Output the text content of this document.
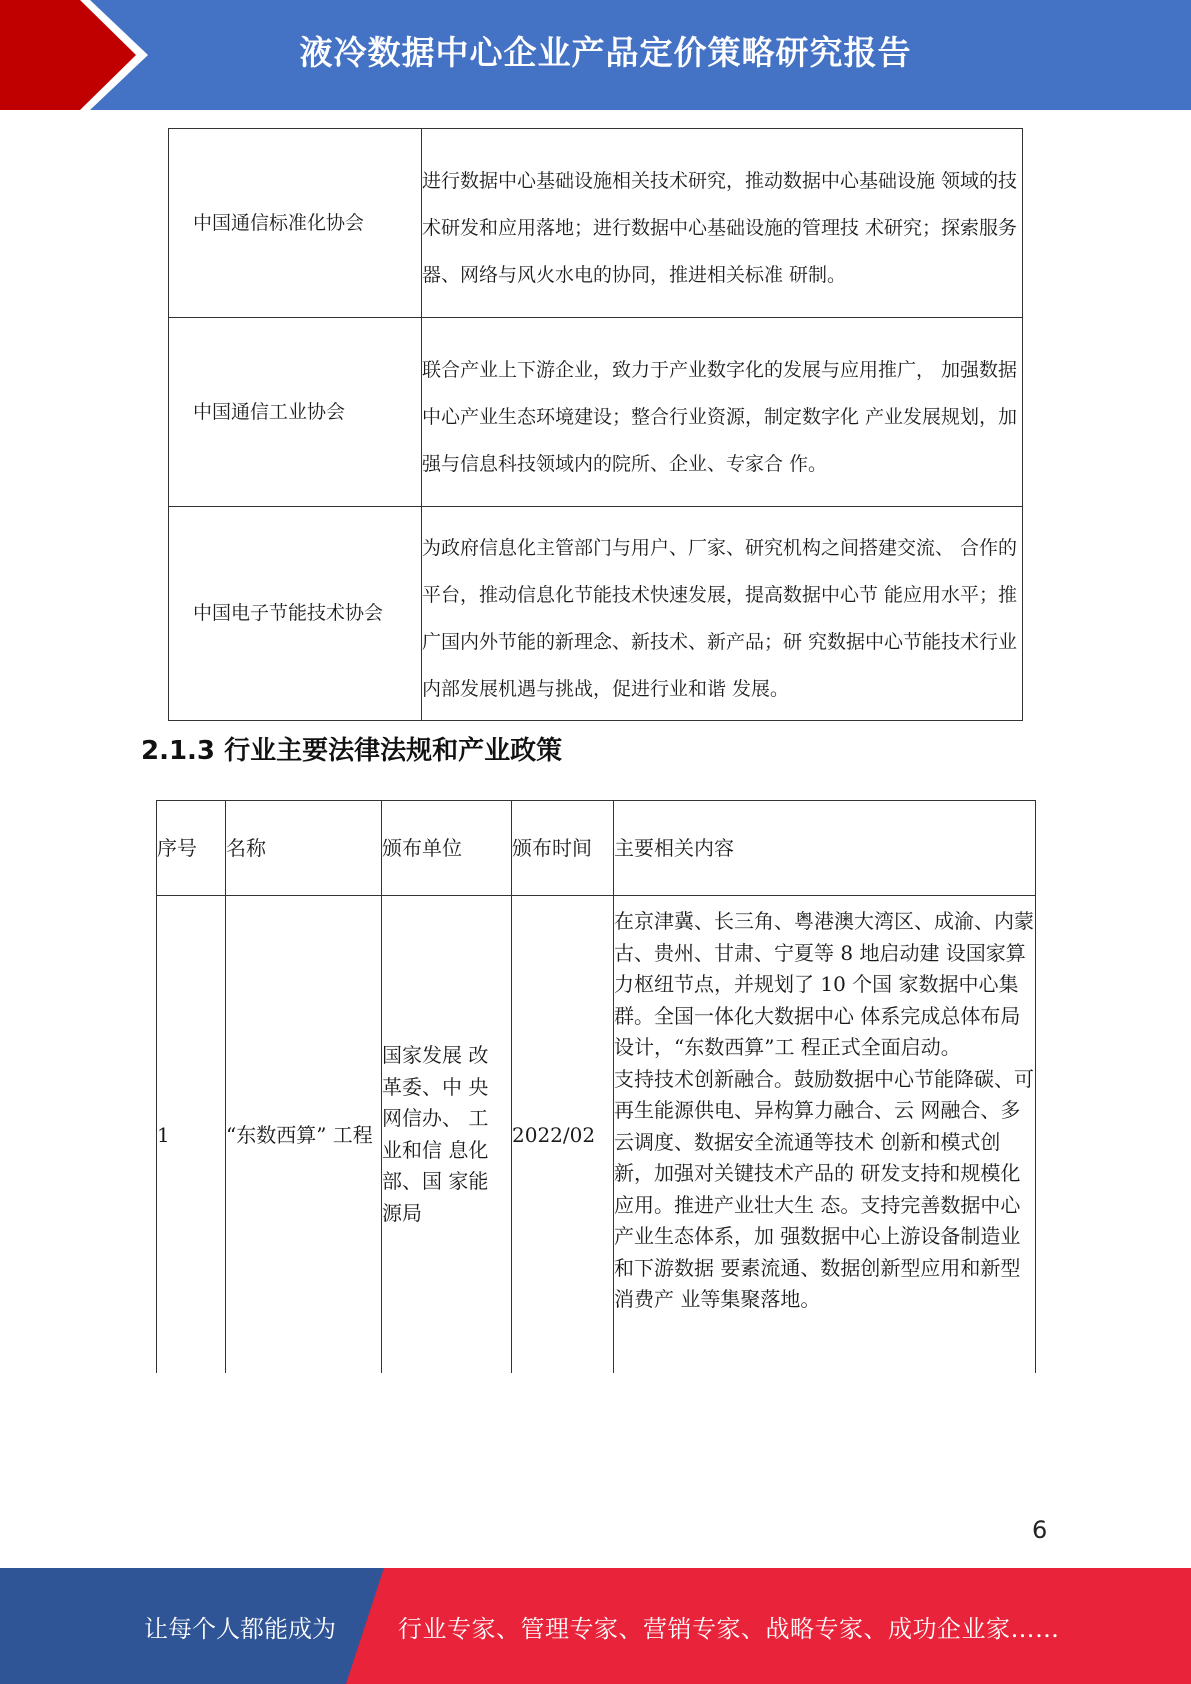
液冷数据中心企业产品定价策略研究报告
中国通信标准化协会	进行数据中心基础设施相关技术研究，推动数据中心基础设施 领域的技术研发和应用落地；进行数据中心基础设施的管理技 术研究；探索服务器、网络与风火水电的协同，推进相关标准 研制。
中国通信工业协会	联合产业上下游企业，致力于产业数字化的发展与应用推广， 加强数据中心产业生态环境建设；整合行业资源，制定数字化 产业发展规划，加强与信息科技领域内的院所、企业、专家合 作。
中国电子节能技术协会	为政府信息化主管部门与用户、厂家、研究机构之间搭建交流、 合作的平台，推动信息化节能技术快速发展，提高数据中心节 能应用水平；推广国内外节能的新理念、新技术、新产品；研 究数据中心节能技术行业内部发展机遇与挑战，促进行业和谐 发展。
2.1.3 行业主要法律法规和产业政策
序号	名称	颁布单位	颁布时间	主要相关内容
1	“东数西算” 工程	国家发展 改革委、中 央网信办、 工业和信 息化部、国 家能源局	2022/02	在京津冀、长三角、粤港澳大湾区、成渝、内蒙古、贵州、甘肃、宁夏等 8 地启动建 设国家算力枢纽节点，并规划了 10 个国 家数据中心集群。全国一体化大数据中心 体系完成总体布局设计，“东数西算”工 程正式全面启动。
支持技术创新融合。鼓励数据中心节能降碳、可再生能源供电、异构算力融合、云 网融合、多云调度、数据安全流通等技术 创新和模式创新，加强对关键技术产品的 研发支持和规模化应用。推进产业壮大生 态。支持完善数据中心产业生态体系，加 强数据中心上游设备制造业和下游数据 要素流通、数据创新型应用和新型消费产 业等集聚落地。
6
让每个人都能成为	行业专家、管理专家、营销专家、战略专家、成功企业家……
